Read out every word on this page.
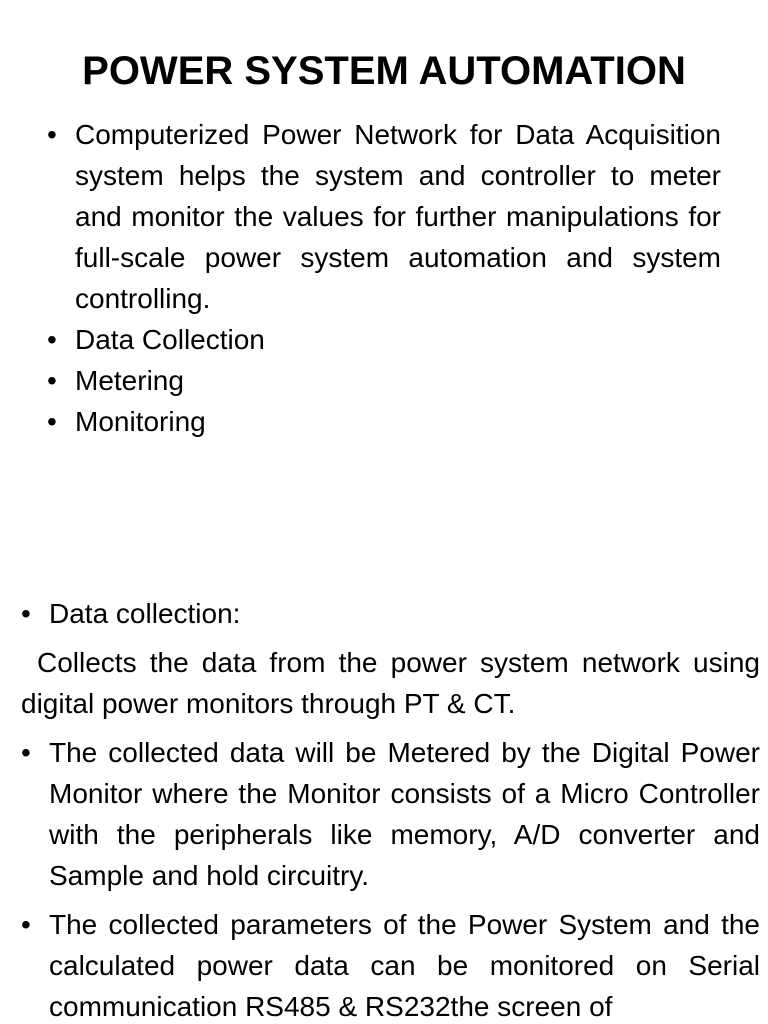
POWER SYSTEM AUTOMATION
• Computerized Power Network for Data Acquisition system helps the system and controller to meter and monitor the values for further manipulations for full-scale power system automation and system controlling.
• Data Collection
• Metering
• Monitoring
• Data collection:
Collects the data from the power system network using digital power monitors through PT & CT.
• The collected data will be Metered by the Digital Power Monitor where the Monitor consists of a Micro Controller with the peripherals like memory, A/D converter and Sample and hold circuitry.
• The collected parameters of the Power System and the calculated power data can be monitored on Serial communication RS485 & RS232the screen of
